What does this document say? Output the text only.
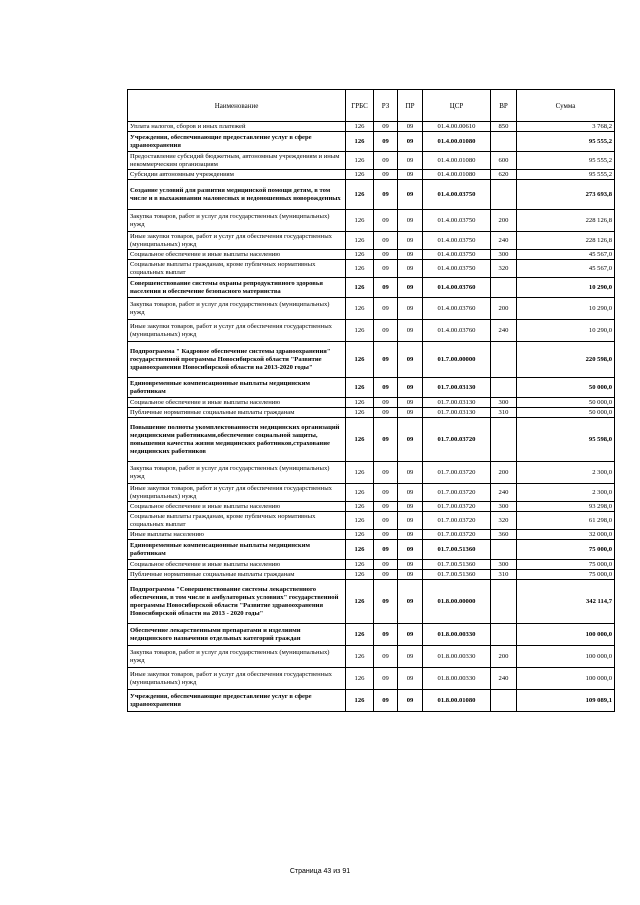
Наименование	ГРБС	РЗ	ПР	ЦСР	ВР	Сумма
Уплата налогов, сборов и иных платежей	126	09	09	01.4.00.00610	850	3 768,2
Учреждения, обеспечивающие предоставление услуг в сфере здравоохранения	126	09	09	01.4.00.01080		95 555,2
Предоставление субсидий бюджетным, автономным учреждениям и иным некоммерческим организациям	126	09	09	01.4.00.01080	600	95 555,2
Субсидии автономным учреждениям	126	09	09	01.4.00.01080	620	95 555,2
Создание условий для развития медицинской помощи детям, в том числе и в выхаживании маловесных и недоношенных новорожденных	126	09	09	01.4.00.03750		273 693,8
Закупка товаров, работ и услуг для государственных (муниципальных) нужд	126	09	09	01.4.00.03750	200	228 126,8
Иные закупки товаров, работ и услуг для обеспечения государственных (муниципальных) нужд	126	09	09	01.4.00.03750	240	228 126,8
Социальное обеспечение и иные выплаты населению	126	09	09	01.4.00.03750	300	45 567,0
Социальные выплаты гражданам, кроме публичных нормативных социальных выплат	126	09	09	01.4.00.03750	320	45 567,0
Совершенствование системы охраны репродуктивного здоровья населения и обеспечение безопасного материнства	126	09	09	01.4.00.03760		10 290,0
Закупка товаров, работ и услуг для государственных (муниципальных) нужд	126	09	09	01.4.00.03760	200	10 290,0
Иные закупки товаров, работ и услуг для обеспечения государственных (муниципальных) нужд	126	09	09	01.4.00.03760	240	10 290,0
Подпрограмма " Кадровое обеспечение системы здравоохранения" государственной программы Новосибирской области "Развитие здравоохранения Новосибирской области на 2013-2020 годы"	126	09	09	01.7.00.00000		220 598,0
Единовременные компенсационные выплаты медицинским работникам	126	09	09	01.7.00.03130		50 000,0
Социальное обеспечение и иные выплаты населению	126	09	09	01.7.00.03130	300	50 000,0
Публичные нормативные социальные выплаты гражданам	126	09	09	01.7.00.03130	310	50 000,0
Повышение полноты укомплектованности медицинских организаций медицинскими работниками,обеспечение социальной защиты, повышения качества жизни медицинских работников,страхование медицинских работников	126	09	09	01.7.00.03720		95 598,0
Закупка товаров, работ и услуг для государственных (муниципальных) нужд	126	09	09	01.7.00.03720	200	2 300,0
Иные закупки товаров, работ и услуг для обеспечения государственных (муниципальных) нужд	126	09	09	01.7.00.03720	240	2 300,0
Социальное обеспечение и иные выплаты населению	126	09	09	01.7.00.03720	300	93 298,0
Социальные выплаты гражданам, кроме публичных нормативных социальных выплат	126	09	09	01.7.00.03720	320	61 298,0
Иные выплаты населению	126	09	09	01.7.00.03720	360	32 000,0
Единовременные компенсационные выплаты медицинским работникам	126	09	09	01.7.00.51360		75 000,0
Социальное обеспечение и иные выплаты населению	126	09	09	01.7.00.51360	300	75 000,0
Публичные нормативные социальные выплаты гражданам	126	09	09	01.7.00.51360	310	75 000,0
Подпрограмма "Совершенствование системы лекарственного обеспечения, в том числе в амбулаторных условиях" государственной программы Новосибирской области "Развитие здравоохранения Новосибирской области на 2013 - 2020 годы"	126	09	09	01.8.00.00000		342 114,7
Обеспечение лекарственными препаратами и изделиями медицинского назначения отдельных категорий граждан	126	09	09	01.8.00.00330		100 000,0
Закупка товаров, работ и услуг для государственных (муниципальных) нужд	126	09	09	01.8.00.00330	200	100 000,0
Иные закупки товаров, работ и услуг для обеспечения государственных (муниципальных) нужд	126	09	09	01.8.00.00330	240	100 000,0
Учреждения, обеспечивающие предоставление услуг в сфере здравоохранения	126	09	09	01.8.00.01080		109 089,1
Страница 43 из 91
